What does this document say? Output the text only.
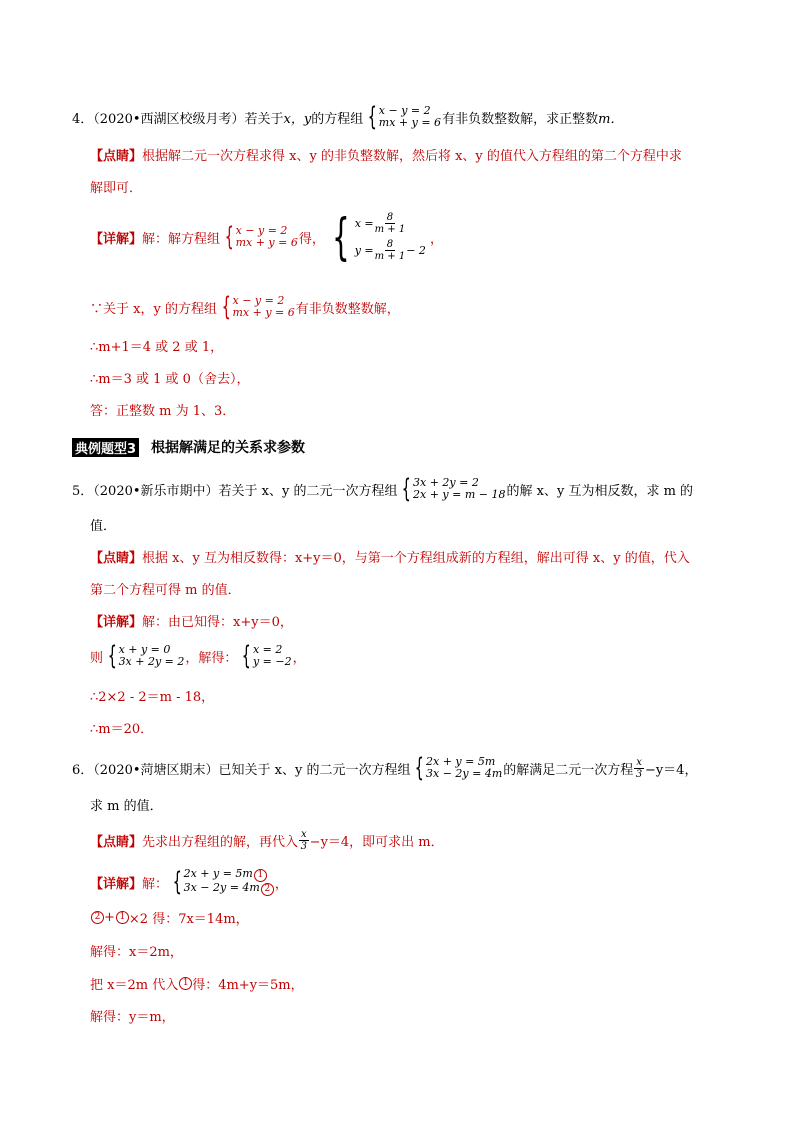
4．（2020•西湖区校级月考）若关于 x，y 的方程组 { x − y = 2
mx + y = 6 有非负数整数解，求正整数 m．
【点睛】 根据解二元一次方程求得 x、y 的非负整数解，然后将 x、y 的值代入方程组的第二个方程中求
解即可．
【详解】 解：解方程组 { x − y = 2
mx + y = 6 得， { $x = \frac{8}{m + 1}$
$y = \frac{8}{m + 1} - 2$
，
∵关于 x，y 的方程组 { x − y = 2
mx + y = 6 有非负数整数解，
∴m+1＝4 或 2 或 1，
∴m＝3 或 1 或 0（舍去），
答：正整数 m 为 1、3．
典例题型3 根据解满足的关系求参数
5．（2020•新乐市期中）若关于 x、y 的二元一次方程组 { 3x + 2y = 2
2x + y = m − 18 的解 x、y 互为相反数，求 m 的
值．
【点睛】 根据 x、y 互为相反数得：x+y＝0，与第一个方程组成新的方程组，解出可得 x、y 的值，代入
第二个方程可得 m 的值．
【详解】 解：由已知得：x+y＝0，
则 { x + y = 0
3x + 2y = 2 ，解得： { x = 2
y = −2 ，
∴2×2 - 2＝m - 18，
∴m＝20．
6．（2020•菏塘区期末）已知关于 x、y 的二元一次方程组 { 2x + y = 5m
3x − 2y = 4m 的解满足二元一次方程 $\frac{x}{3} -y=4$，
求 m 的值．
【点睛】 先求出方程组的解，再代入 $\frac{x}{3} -y=4$，即可求出 m．
【详解】 解： { 2x + y = 5m 1
3x − 2y = 4m 2 ，
2 + 1 ×2 得：7x＝14m，
解得：x＝2m，
把 x＝2m 代入 1 得：4m+y＝5m，
解得：y＝m，
